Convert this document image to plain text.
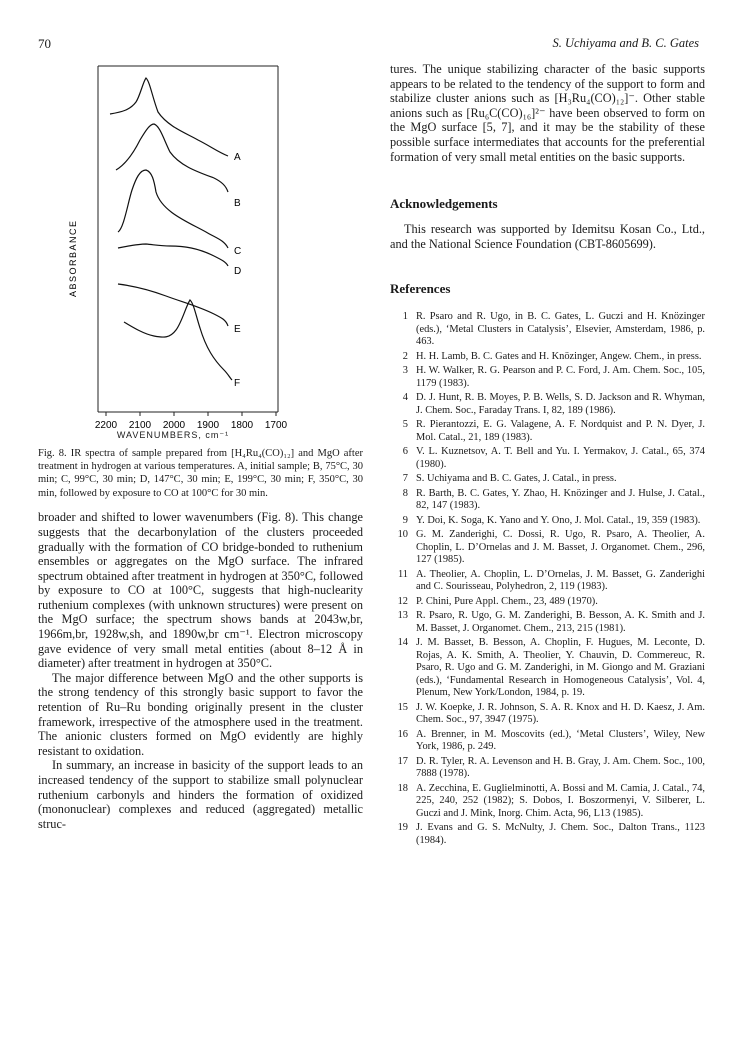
70	S. Uchiyama and B. C. Gates
A
B
C
D
E
F
ABSORBANCE
2200 2100 2000 1900 1800 1700
WAVENUMBERS, cm⁻¹

Fig. 8. IR spectra of sample prepared from [H₄Ru₄(CO)₁₂] and MgO after treatment in hydrogen at various temperatures. A, initial sample; B, 75°C, 30 min; C, 99°C, 30 min; D, 147°C, 30 min; E, 199°C, 30 min; F, 350°C, 30 min, followed by exposure to CO at 100°C for 30 min.

broader and shifted to lower wavenumbers (Fig. 8). This change suggests that the decarbonylation of the clusters proceeded gradually with the formation of CO bridge-bonded to ruthenium ensembles or aggregates on the MgO surface. The infrared spectrum obtained after treatment in hydrogen at 350°C, followed by exposure to CO at 100°C, suggests that high-nuclearity ruthenium complexes (with unknown structures) were present on the MgO surface; the spectrum shows bands at 2043w,br, 1966m,br, 1928w,sh, and 1890w,br cm⁻¹. Electron microscopy gave evidence of very small metal entities (about 8–12 Å in diameter) after treatment in hydrogen at 350°C.

The major difference between MgO and the other supports is the strong tendency of this strongly basic support to favor the retention of Ru–Ru bonding originally present in the cluster framework, irrespective of the atmosphere used in the treatment. The anionic clusters formed on MgO evidently are highly resistant to oxidation.

In summary, an increase in basicity of the support leads to an increased tendency of the support to stabilize small polynuclear ruthenium carbonyls and hinders the formation of oxidized (mononuclear) complexes and reduced (aggregated) metallic struc-

tures. The unique stabilizing character of the basic supports appears to be related to the tendency of the support to form and stabilize cluster anions such as [H₃Ru₄(CO)₁₂]⁻. Other stable anions such as [Ru₆C(CO)₁₆]²⁻ have been observed to form on the MgO surface [5, 7], and it may be the stability of these possible surface intermediates that accounts for the preferential formation of very small metal entities on the basic supports.

Acknowledgements

This research was supported by Idemitsu Kosan Co., Ltd., and the National Science Foundation (CBT-8605699).

References
1 R. Psaro and R. Ugo, in B. C. Gates, L. Guczi and H. Knözinger (eds.), ‘Metal Clusters in Catalysis’, Elsevier, Amsterdam, 1986, p. 463.
2 H. H. Lamb, B. C. Gates and H. Knözinger, Angew. Chem., in press.
3 H. W. Walker, R. G. Pearson and P. C. Ford, J. Am. Chem. Soc., 105, 1179 (1983).
4 D. J. Hunt, R. B. Moyes, P. B. Wells, S. D. Jackson and R. Whyman, J. Chem. Soc., Faraday Trans. I, 82, 189 (1986).
5 R. Pierantozzi, E. G. Valagene, A. F. Nordquist and P. N. Dyer, J. Mol. Catal., 21, 189 (1983).
6 V. L. Kuznetsov, A. T. Bell and Yu. I. Yermakov, J. Catal., 65, 374 (1980).
7 S. Uchiyama and B. C. Gates, J. Catal., in press.
8 R. Barth, B. C. Gates, Y. Zhao, H. Knözinger and J. Hulse, J. Catal., 82, 147 (1983).
9 Y. Doi, K. Soga, K. Yano and Y. Ono, J. Mol. Catal., 19, 359 (1983).
10 G. M. Zanderighi, C. Dossi, R. Ugo, R. Psaro, A. Theolier, A. Choplin, L. D’Ornelas and J. M. Basset, J. Organomet. Chem., 296, 127 (1985).
11 A. Theolier, A. Choplin, L. D’Ornelas, J. M. Basset, G. Zanderighi and C. Sourisseau, Polyhedron, 2, 119 (1983).
12 P. Chini, Pure Appl. Chem., 23, 489 (1970).
13 R. Psaro, R. Ugo, G. M. Zanderighi, B. Besson, A. K. Smith and J. M. Basset, J. Organomet. Chem., 213, 215 (1981).
14 J. M. Basset, B. Besson, A. Choplin, F. Hugues, M. Leconte, D. Rojas, A. K. Smith, A. Theolier, Y. Chauvin, D. Commereuc, R. Psaro, R. Ugo and G. M. Zanderighi, in M. Giongo and M. Graziani (eds.), ‘Fundamental Research in Homogeneous Catalysis’, Vol. 4, Plenum, New York/London, 1984, p. 19.
15 J. W. Koepke, J. R. Johnson, S. A. R. Knox and H. D. Kaesz, J. Am. Chem. Soc., 97, 3947 (1975).
16 A. Brenner, in M. Moscovits (ed.), ‘Metal Clusters’, Wiley, New York, 1986, p. 249.
17 D. R. Tyler, R. A. Levenson and H. B. Gray, J. Am. Chem. Soc., 100, 7888 (1978).
18 A. Zecchina, E. Guglielminotti, A. Bossi and M. Camia, J. Catal., 74, 225, 240, 252 (1982); S. Dobos, I. Boszormenyi, V. Silberer, L. Guczi and J. Mink, Inorg. Chim. Acta, 96, L13 (1985).
19 J. Evans and G. S. McNulty, J. Chem. Soc., Dalton Trans., 1123 (1984).
